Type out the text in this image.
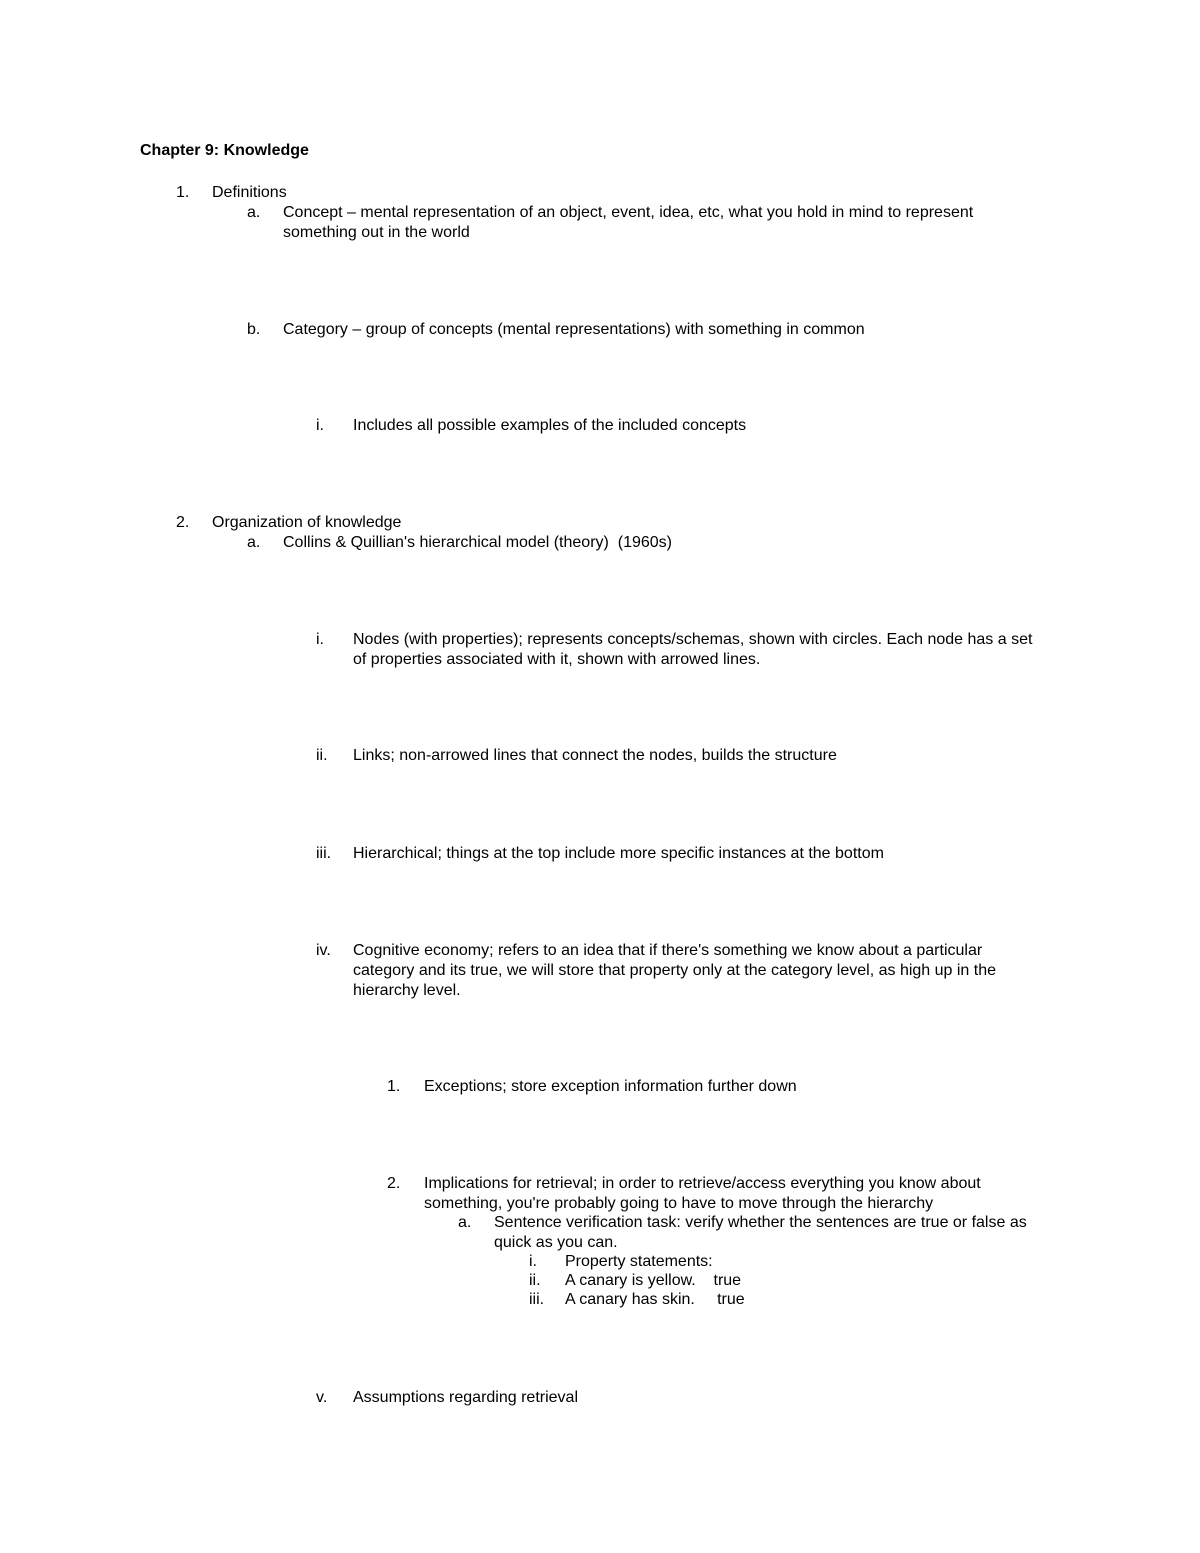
Chapter 9: Knowledge
1.	Definitions
a.	Concept – mental representation of an object, event, idea, etc, what you hold in mind to represent something out in the world
b.	Category – group of concepts (mental representations) with something in common
i.	Includes all possible examples of the included concepts
2.	Organization of knowledge
a.	Collins & Quillian's hierarchical model (theory)  (1960s)
i.	Nodes (with properties); represents concepts/schemas, shown with circles. Each node has a set of properties associated with it, shown with arrowed lines.
ii.	Links; non-arrowed lines that connect the nodes, builds the structure
iii.	Hierarchical; things at the top include more specific instances at the bottom
iv.	Cognitive economy; refers to an idea that if there's something we know about a particular category and its true, we will store that property only at the category level, as high up in the hierarchy level.
1.	Exceptions; store exception information further down
2.	Implications for retrieval; in order to retrieve/access everything you know about something, you're probably going to have to move through the hierarchy
a.	Sentence verification task: verify whether the sentences are true or false as quick as you can.
i.	Property statements:
ii.	A canary is yellow.    true
iii.	A canary has skin.     true
v.	Assumptions regarding retrieval
